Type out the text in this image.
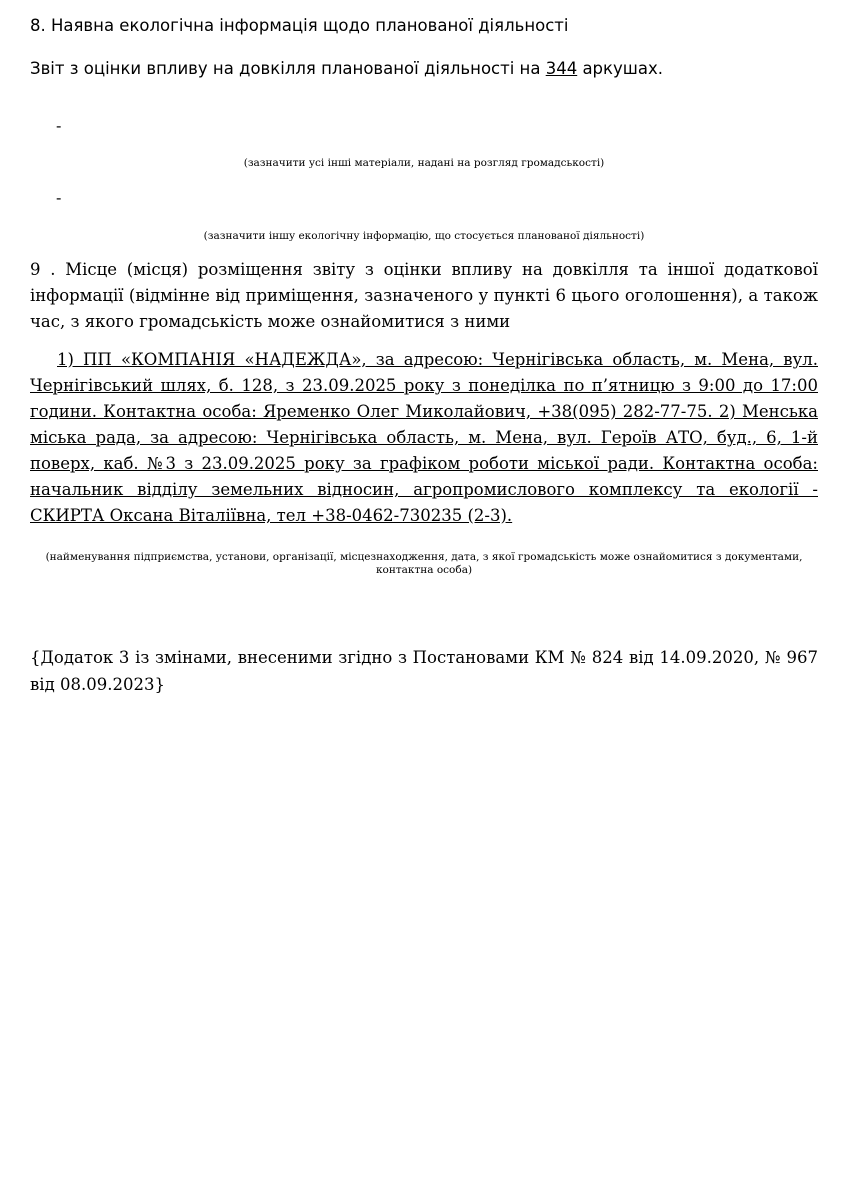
8. Наявна екологічна інформація щодо планованої діяльності
Звіт з оцінки впливу на довкілля планованої діяльності на 344 аркушах.
-
(зазначити усі інші матеріали, надані на розгляд громадськості)
-
(зазначити іншу екологічну інформацію, що стосується планованої діяльності)
9 . Місце (місця) розміщення звіту з оцінки впливу на довкілля та іншої додаткової інформації (відмінне від приміщення, зазначеного у пункті 6 цього оголошення), а також час, з якого громадськість може ознайомитися з ними
1) ПП «КОМПАНІЯ «НАДЕЖДА», за адресою: Чернігівська область, м. Мена, вул. Чернігівський шлях, б. 128, з 23.09.2025 року з понеділка по п’ятницю з 9:00 до 17:00 години. Контактна особа: Яременко Олег Миколайович, +38(095) 282-77-75. 2) Менська міська рада, за адресою: Чернігівська область, м. Мена, вул. Героїв АТО, буд., 6, 1-й поверх, каб. №3 з 23.09.2025 року за графіком роботи міської ради. Контактна особа: начальник відділу земельних відносин, агропромислового комплексу та екології - СКИРТА Оксана Віталіївна, тел +38-0462-730235 (2-3).
(найменування підприємства, установи, організації, місцезнаходження, дата, з якої громадськість може ознайомитися з документами, контактна особа)
{Додаток 3 із змінами, внесеними згідно з Постановами КМ № 824 від 14.09.2020, № 967 від 08.09.2023}
